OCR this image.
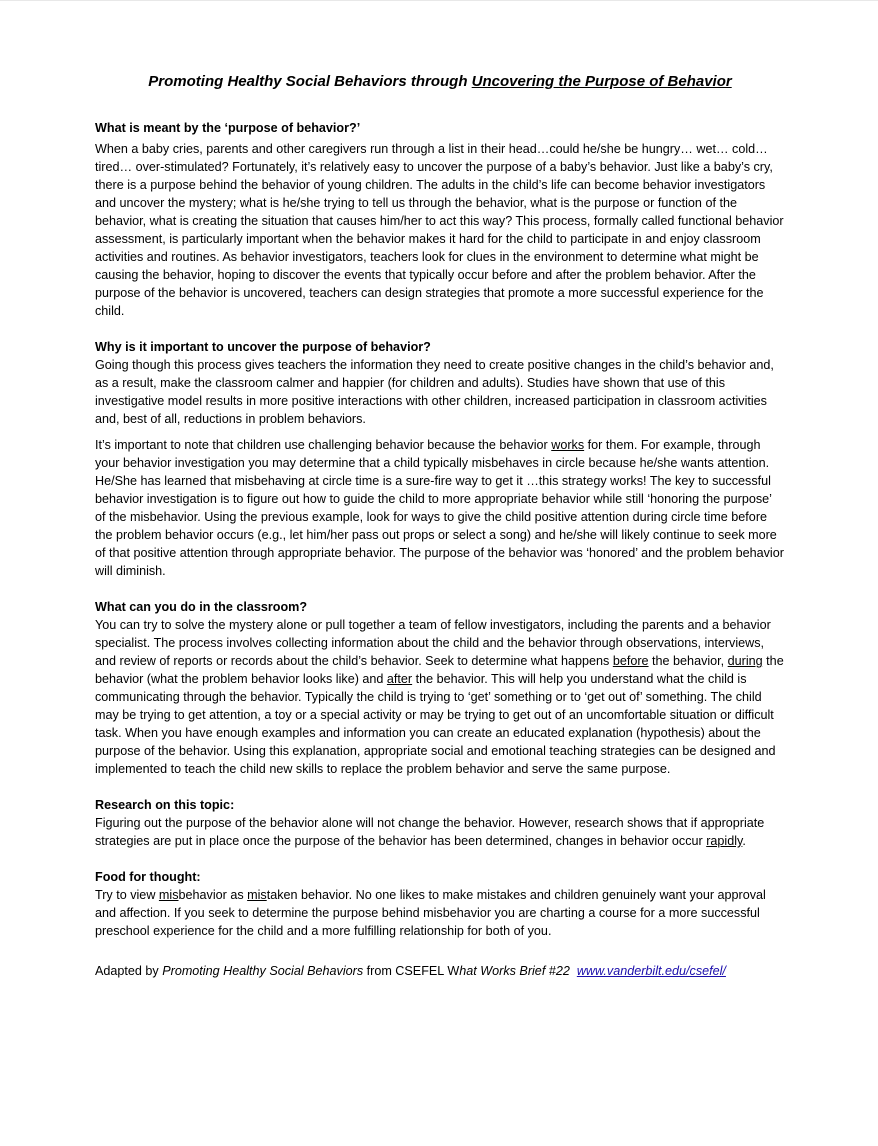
Promoting Healthy Social Behaviors through Uncovering the Purpose of Behavior
What is meant by the ‘purpose of behavior?’

When a baby cries, parents and other caregivers run through a list in their head…could he/she be hungry… wet… cold… tired… over-stimulated? Fortunately, it’s relatively easy to uncover the purpose of a baby’s behavior. Just like a baby’s cry, there is a purpose behind the behavior of young children. The adults in the child’s life can become behavior investigators and uncover the mystery; what is he/she trying to tell us through the behavior, what is the purpose or function of the behavior, what is creating the situation that causes him/her to act this way? This process, formally called functional behavior assessment, is particularly important when the behavior makes it hard for the child to participate in and enjoy classroom activities and routines. As behavior investigators, teachers look for clues in the environment to determine what might be causing the behavior, hoping to discover the events that typically occur before and after the problem behavior. After the purpose of the behavior is uncovered, teachers can design strategies that promote a more successful experience for the child.

Why is it important to uncover the purpose of behavior?

Going though this process gives teachers the information they need to create positive changes in the child’s behavior and, as a result, make the classroom calmer and happier (for children and adults). Studies have shown that use of this investigative model results in more positive interactions with other children, increased participation in classroom activities and, best of all, reductions in problem behaviors.

It’s important to note that children use challenging behavior because the behavior works for them. For example, through your behavior investigation you may determine that a child typically misbehaves in circle because he/she wants attention. He/She has learned that misbehaving at circle time is a sure-fire way to get it …this strategy works! The key to successful behavior investigation is to figure out how to guide the child to more appropriate behavior while still ‘honoring the purpose’ of the misbehavior. Using the previous example, look for ways to give the child positive attention during circle time before the problem behavior occurs (e.g., let him/her pass out props or select a song) and he/she will likely continue to seek more of that positive attention through appropriate behavior. The purpose of the behavior was ‘honored’ and the problem behavior will diminish.

What can you do in the classroom?

You can try to solve the mystery alone or pull together a team of fellow investigators, including the parents and a behavior specialist. The process involves collecting information about the child and the behavior through observations, interviews, and review of reports or records about the child’s behavior. Seek to determine what happens before the behavior, during the behavior (what the problem behavior looks like) and after the behavior. This will help you understand what the child is communicating through the behavior. Typically the child is trying to ‘get’ something or to ‘get out of’ something. The child may be trying to get attention, a toy or a special activity or may be trying to get out of an uncomfortable situation or difficult task. When you have enough examples and information you can create an educated explanation (hypothesis) about the purpose of the behavior. Using this explanation, appropriate social and emotional teaching strategies can be designed and implemented to teach the child new skills to replace the problem behavior and serve the same purpose.

Research on this topic:

Figuring out the purpose of the behavior alone will not change the behavior. However, research shows that if appropriate strategies are put in place once the purpose of the behavior has been determined, changes in behavior occur rapidly.

Food for thought:

Try to view misbehavior as mistaken behavior. No one likes to make mistakes and children genuinely want your approval and affection. If you seek to determine the purpose behind misbehavior you are charting a course for a more successful preschool experience for the child and a more fulfilling relationship for both of you.

Adapted by Promoting Healthy Social Behaviors from CSEFEL What Works Brief #22 www.vanderbilt.edu/csefel/
